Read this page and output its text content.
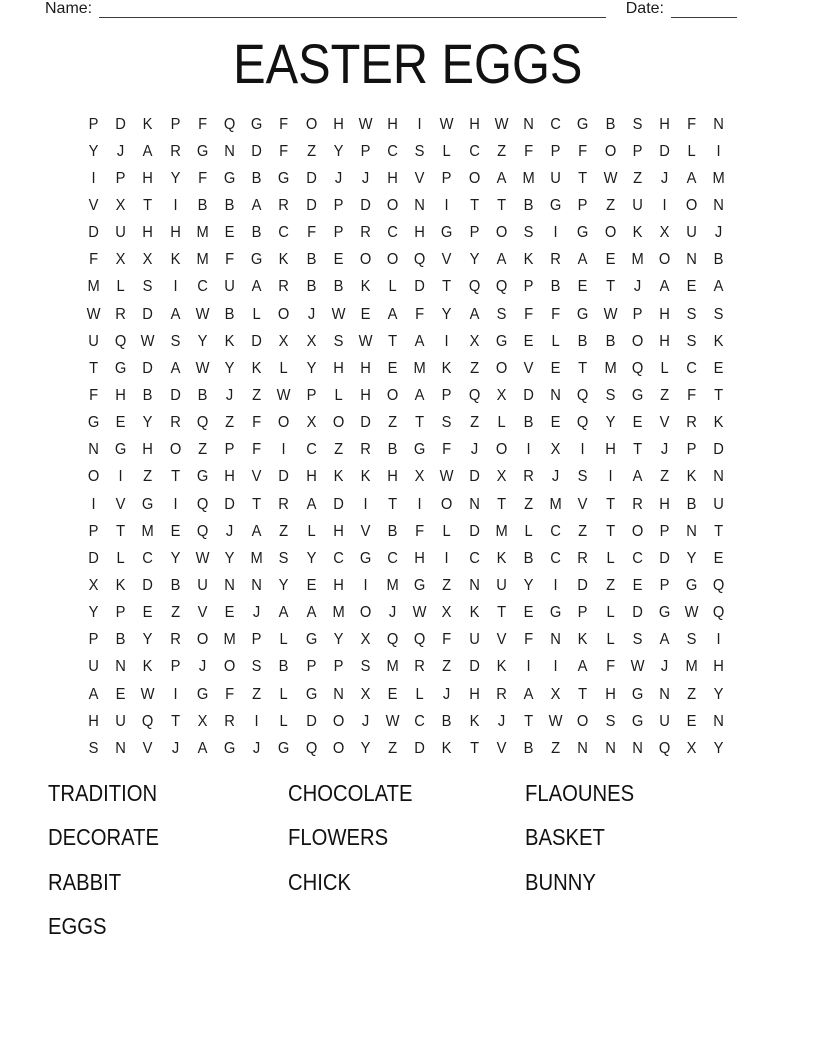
Name:	Date:
EASTER EGGS
P	D	K	P	F	Q G	F	O	H W H	I	W H W N	C	G	B	S	H	F	N
Y	J	A	R	G	N	D	F	Z	Y	P	C	S	L	C	Z	F	P	F	O	P	D	L	I
I	P	H	Y	F	G	B	G	D	J	J	H	V	P	O	A	M U	T W Z	J	A	M
V	X	T	I	B	B	A	R	D	P	D	O	N	I	T	T	B	G	P	Z	U	I	O	N
D	U	H	H M	E	B	C	F	P	R	C	H	G	P	O	S	I	G O	K	X	U	J
F	X	X	K	M	F	G	K	B	E	O O Q	V	Y	A	K	R	A	E	M O	N	B
M	L	S	I	C	U	A	R	B	B	K	L	D	T	Q Q	P	B	E	T	J	A	E	A
W R	D	A W B	L	O	J	W E	A	F	Y	A	S	F	F	G W P	H	S	S
U	Q W S	Y	K	D	X	X	S W T	A	I	X	G	E	L	B	B	O	H	S	K
T	G	D	A W Y	K	L	Y	H	H	E	M	K	Z	O	V	E	T	M Q	L	C	E
F	H	B	D	B	J	Z W P	L	H	O	A	P	Q	X	D	N	Q	S	G	Z	F	T
G	E	Y	R	Q	Z	F	O	X	O	D	Z	T	S	Z	L	B	E	Q	Y	E	V	R	K
N	G	H	O	Z	P	F	I	C	Z	R	B	G	F	J	O	I	X	I	H	T	J	P	D
O	I	Z	T	G	H	V	D	H	K	K	H	X W D	X	R	J	S	I	A	Z	K	N
I	V	G	I	Q	D	T	R	A	D	I	T	I	O	N	T	Z	M	V	T	R	H	B	U
P	T	M	E	Q	J	A	Z	L	H	V	B	F	L	D M	L	C	Z	T	O	P	N	T
D	L	C	Y W Y	M	S	Y	C	G	C	H	I	C	K	B	C	R	L	C	D	Y	E
X	K	D	B	U	N	N	Y	E	H	I	M G	Z	N	U	Y	I	D	Z	E	P	G Q
Y	P	E	Z	V	E	J	A	A	M O	J	W X	K	T	E	G	P	L	D	G W Q
P	B	Y	R	O M	P	L	G	Y	X	Q Q	F	U	V	F	N	K	L	S	A	S	I
U	N	K	P	J	O	S	B	P	P	S	M R	Z	D	K	I	I	A	F W	J	M H
A	E W	I	G	F	Z	L	G	N	X	E	L	J	H	R	A	X	T	H	G	N	Z	Y
H	U	Q	T	X	R	I	L	D	O	J	W C	B	K	J	T W O	S	G	U	E	N
S	N	V	J	A	G	J	G Q O	Y	Z	D	K	T	V	B	Z	N	N	N	Q	X	Y
TRADITION	CHOCOLATE	FLAOUNES
DECORATE	FLOWERS	BASKET
RABBIT	CHICK	BUNNY
EGGS
